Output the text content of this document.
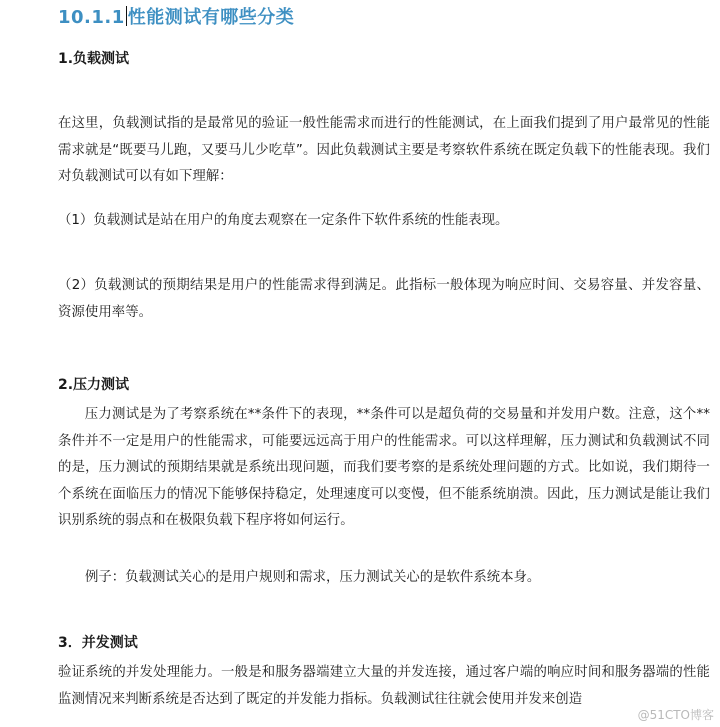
10.1.1 性能测试有哪些分类
1.负载测试
在这里，负载测试指的是最常见的验证一般性能需求而进行的性能测试，在上面我们提到了用户最常见的性能需求就是“既要马儿跑，又要马儿少吃草”。因此负载测试主要是考察软件系统在既定负载下的性能表现。我们对负载测试可以有如下理解：
（1）负载测试是站在用户的角度去观察在一定条件下软件系统的性能表现。
（2）负载测试的预期结果是用户的性能需求得到满足。此指标一般体现为响应时间、交易容量、并发容量、资源使用率等。
2.压力测试
压力测试是为了考察系统在**条件下的表现，**条件可以是超负荷的交易量和并发用户数。注意，这个** 条件并不一定是用户的性能需求，可能要远远高于用户的性能需求。可以这样理解，压力测试和负载测试不同的是，压力测试的预期结果就是系统出现问题，而我们要考察的是系统处理问题的方式。比如说，我们期待一个系统在面临压力的情况下能够保持稳定，处理速度可以变慢，但不能系统崩溃。因此，压力测试是能让我们识别系统的弱点和在极限负载下程序将如何运行。
例子：负载测试关心的是用户规则和需求，压力测试关心的是软件系统本身。
3．并发测试
验证系统的并发处理能力。一般是和服务器端建立大量的并发连接，通过客户端的响应时间和服务器端的性能监测情况来判断系统是否达到了既定的并发能力指标。负载测试往往就会使用并发来创造
@51CTO博客
